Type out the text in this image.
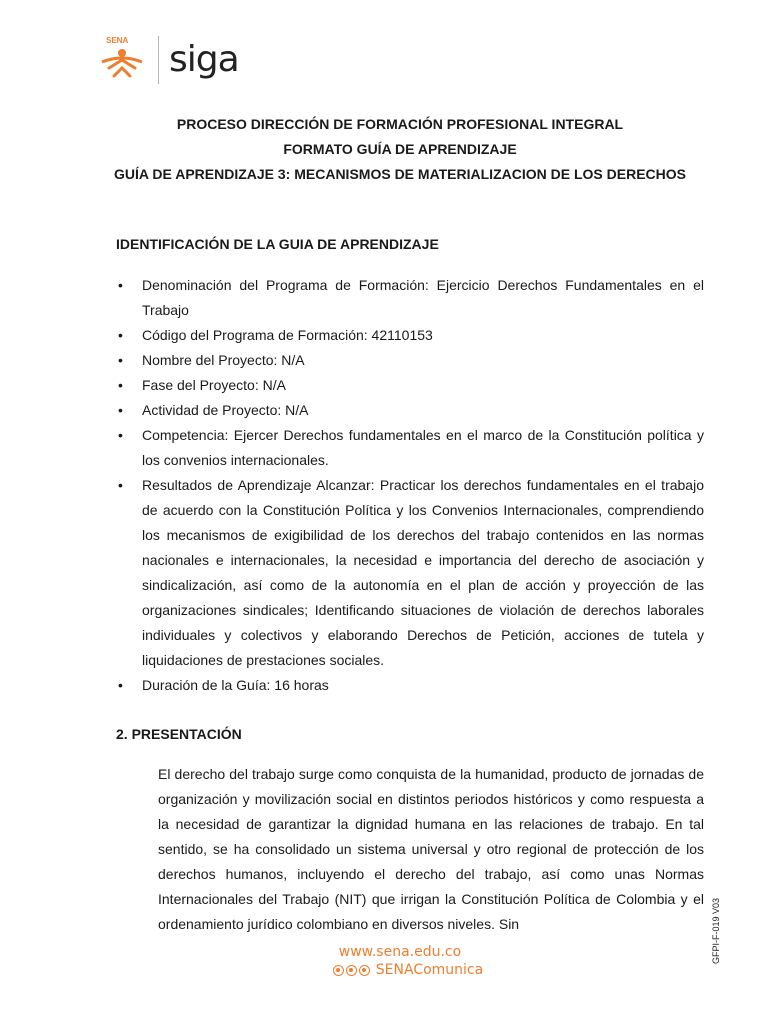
SENA siga
PROCESO DIRECCIÓN DE FORMACIÓN PROFESIONAL INTEGRAL
FORMATO GUÍA DE APRENDIZAJE
GUÍA DE APRENDIZAJE 3: MECANISMOS DE MATERIALIZACION DE LOS DERECHOS
IDENTIFICACIÓN DE LA GUIA DE APRENDIZAJE
• Denominación del Programa de Formación: Ejercicio Derechos Fundamentales en el Trabajo
• Código del Programa de Formación: 42110153
• Nombre del Proyecto: N/A
• Fase del Proyecto: N/A
• Actividad de Proyecto: N/A
• Competencia: Ejercer Derechos fundamentales en el marco de la Constitución política y los convenios internacionales.
• Resultados de Aprendizaje Alcanzar: Practicar los derechos fundamentales en el trabajo de acuerdo con la Constitución Política y los Convenios Internacionales, comprendiendo los mecanismos de exigibilidad de los derechos del trabajo contenidos en las normas nacionales e internacionales, la necesidad e importancia del derecho de asociación y sindicalización, así como de la autonomía en el plan de acción y proyección de las organizaciones sindicales; Identificando situaciones de violación de derechos laborales individuales y colectivos y elaborando Derechos de Petición, acciones de tutela y liquidaciones de prestaciones sociales.
• Duración de la Guía: 16 horas
2. PRESENTACIÓN

El derecho del trabajo surge como conquista de la humanidad, producto de jornadas de organización y movilización social en distintos periodos históricos y como respuesta a la necesidad de garantizar la dignidad humana en las relaciones de trabajo. En tal sentido, se ha consolidado un sistema universal y otro regional de protección de los derechos humanos, incluyendo el derecho del trabajo, así como unas Normas Internacionales del Trabajo (NIT) que irrigan la Constitución Política de Colombia y el ordenamiento jurídico colombiano en diversos niveles. Sin

www.sena.edu.co
SENAComunica
GFPI-F-019 V03
